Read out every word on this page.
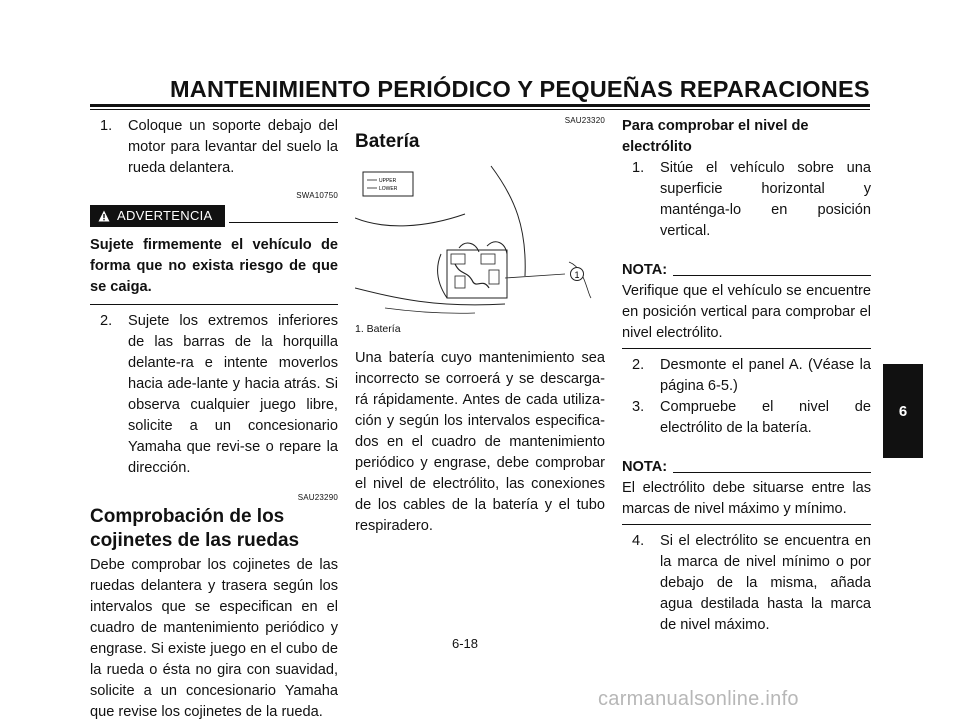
MANTENIMIENTO PERIÓDICO Y PEQUEÑAS REPARACIONES
1.	Coloque un soporte debajo del motor para levantar del suelo la rueda delantera.
SWA10750
ADVERTENCIA

Sujete firmemente el vehículo de forma que no exista riesgo de que se caiga.

2.	Sujete los extremos inferiores de las barras de la horquilla delante-ra e intente moverlos hacia ade-lante y hacia atrás. Si observa cualquier juego libre, solicite a un concesionario Yamaha que revi-se o repare la dirección.
SAU23290
Comprobación de los
cojinetes de las ruedas

Debe comprobar los cojinetes de las ruedas delantera y trasera según los intervalos que se especifican en el cuadro de mantenimiento periódico y engrase. Si existe juego en el cubo de la rueda o ésta no gira con suavidad, solicite a un concesionario Yamaha que revise los cojinetes de la rueda.

SAU23320
Batería
UPPER
LOWER
1
1. Batería

Una batería cuyo mantenimiento sea incorrecto se corroerá y se descarga-rá rápidamente. Antes de cada utiliza-ción y según los intervalos especifica-dos en el cuadro de mantenimiento periódico y engrase, debe comprobar el nivel de electrólito, las conexiones de los cables de la batería y el tubo respiradero.

Para comprobar el nivel de electrólito
1.	Sitúe el vehículo sobre una superficie horizontal y manténga-lo en posición vertical.
NOTA:

Verifique que el vehículo se encuentre en posición vertical para comprobar el nivel electrólito.

2.	Desmonte el panel A. (Véase la página 6-5.)
3.	Compruebe el nivel de electrólito de la batería.
NOTA:

El electrólito debe situarse entre las marcas de nivel máximo y mínimo.

4.	Si el electrólito se encuentra en la marca de nivel mínimo o por debajo de la misma, añada agua destilada hasta la marca de nivel máximo.
6-18
6
carmanualsonline.info
